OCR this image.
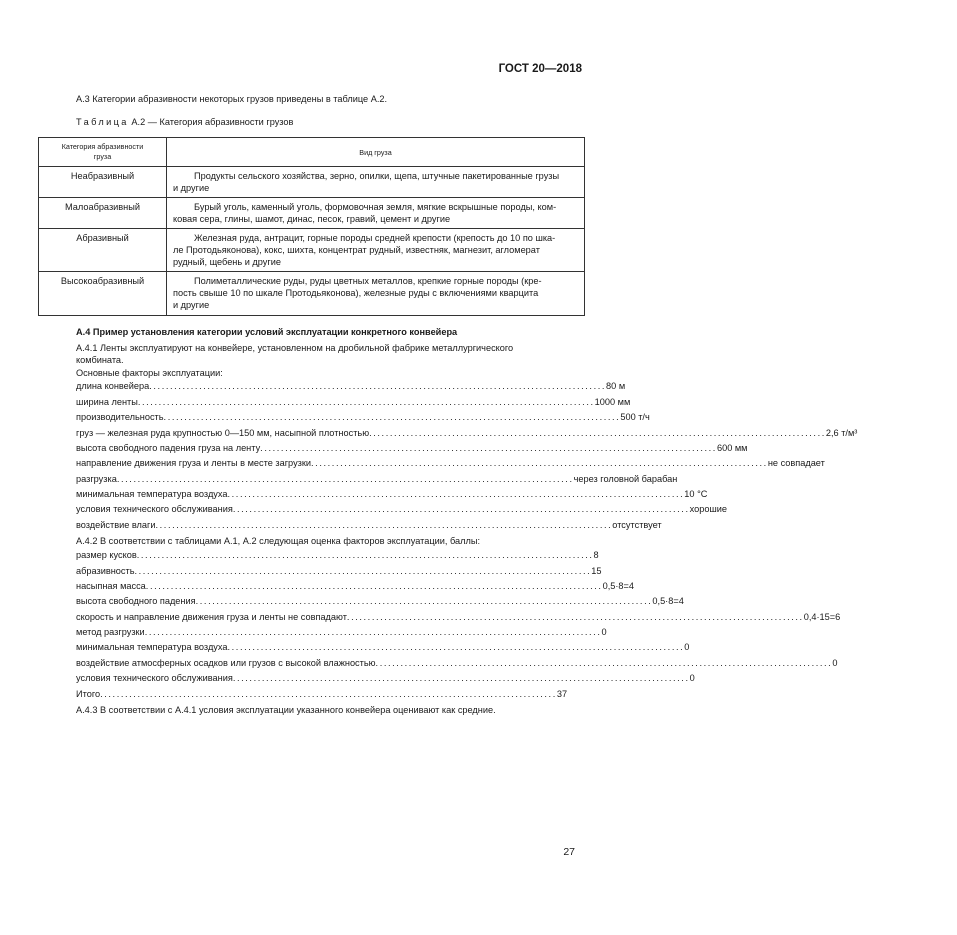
ГОСТ 20—2018
А.3 Категории абразивности некоторых грузов приведены в таблице А.2.
Таблица А.2 — Категория абразивности грузов
Категория абразивности
груза	Вид груза
Неабразивный	Продукты сельского хозяйства, зерно, опилки, щепа, штучные пакетированные грузы
и другие

Малоабразивный	Бурый уголь, каменный уголь, формовочная земля, мягкие вскрышные породы, ком-
ковая сера, глины, шамот, динас, песок, гравий, цемент и другие

Абразивный	Железная руда, антрацит, горные породы средней крепости (крепость до 10 по шка-
ле Протодьяконова), кокс, шихта, концентрат рудный, известняк, магнезит, агломерат
рудный, щебень и другие

Высокоабразивный	Полиметаллические руды, руды цветных металлов, крепкие горные породы (кре-
пость свыше 10 по шкале Протодьяконова), железные руды с включениями кварцита
и другие
А.4 Пример установления категории условий эксплуатации конкретного конвейера
А.4.1 Ленты эксплуатируют на конвейере, установленном на дробильной фабрике металлургического
комбината.
Основные факторы эксплуатации:
длина конвейера .............................................................................................................. 80 м
ширина ленты .............................................................................................................. 1000 мм
производительность .............................................................................................................. 500 т/ч
груз — железная руда крупностью 0—150 мм, насыпной плотностью .............................................................................................................. 2,6 т/м³
высота свободного падения груза на ленту .............................................................................................................. 600 мм
направление движения груза и ленты в месте загрузки .............................................................................................................. не совпадает
разгрузка .............................................................................................................. через головной барабан
минимальная температура воздуха .............................................................................................................. 10 °С
условия технического обслуживания .............................................................................................................. хорошие
воздействие влаги .............................................................................................................. отсутствует
А.4.2 В соответствии с таблицами А.1, А.2 следующая оценка факторов эксплуатации, баллы:
размер кусков .............................................................................................................. 8
абразивность .............................................................................................................. 15
насыпная масса .............................................................................................................. 0,5·8=4
высота свободного падения .............................................................................................................. 0,5·8=4
скорость и направление движения груза и ленты не совпадают .............................................................................................................. 0,4·15=6
метод разгрузки .............................................................................................................. 0
минимальная температура воздуха .............................................................................................................. 0
воздействие атмосферных осадков или грузов с высокой влажностью .............................................................................................................. 0
условия технического обслуживания .............................................................................................................. 0
Итого .............................................................................................................. 37
А.4.3 В соответствии с А.4.1 условия эксплуатации указанного конвейера оценивают как средние.
27
